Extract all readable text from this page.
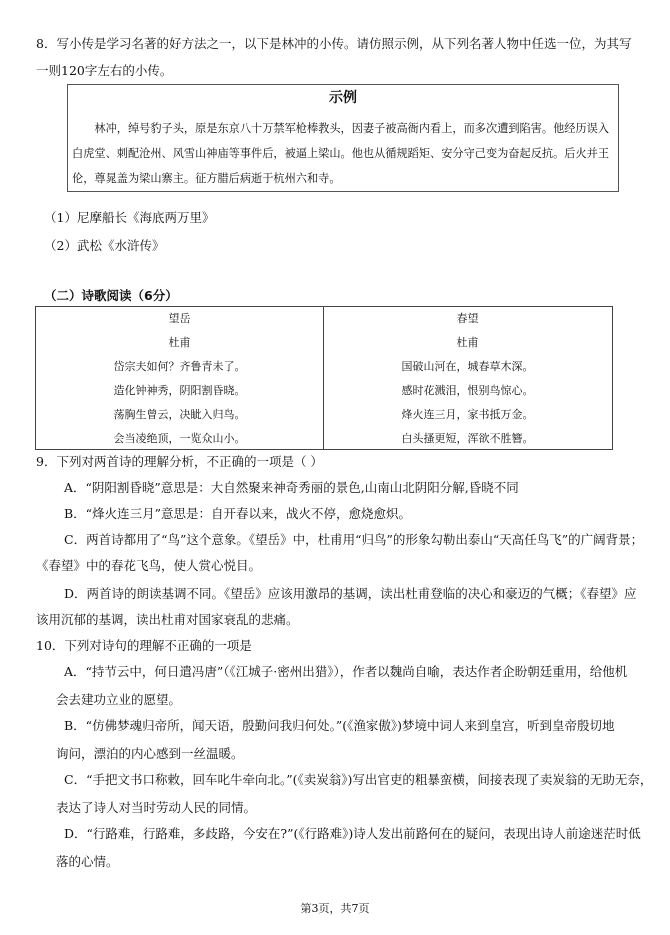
8．写小传是学习名著的好方法之一，以下是林冲的小传。请仿照示例，从下列名著人物中任选一位，为其写一则120字左右的小传。
示例
林冲，绰号豹子头，原是东京八十万禁军枪棒教头，因妻子被高衙内看上，而多次遭到陷害。他经历误入白虎堂、刺配沧州、风雪山神庙等事件后，被逼上梁山。他也从循规蹈矩、安分守己变为奋起反抗。后火并王伦，尊晁盖为梁山寨主。征方腊后病逝于杭州六和寺。
（1）尼摩船长《海底两万里》
（2）武松《水浒传》
（二）诗歌阅读（6分）
望岳
杜甫
岱宗夫如何？齐鲁青未了。
造化钟神秀，阴阳割昏晓。
荡胸生曾云，决眦入归鸟。
会当凌绝顶，一览众山小。
春望
杜甫
国破山河在，城春草木深。
感时花溅泪，恨别鸟惊心。
烽火连三月，家书抵万金。
白头搔更短，浑欲不胜簪。
9．下列对两首诗的理解分析，不正确的一项是（ ）
A．“阴阳割昏晓”意思是：大自然聚来神奇秀丽的景色,山南山北阴阳分解,昏晓不同
B．“烽火连三月”意思是：自开春以来，战火不停，愈烧愈炽。
C．两首诗都用了“鸟”这个意象。《望岳》中，杜甫用“归鸟”的形象勾勒出泰山“天高任鸟飞”的广阔背景；
《春望》中的春花飞鸟，使人赏心悦目。
D．两首诗的朗读基调不同。《望岳》应该用激昂的基调，读出杜甫登临的决心和豪迈的气概；《春望》应
该用沉郁的基调，读出杜甫对国家衰乱的悲痛。
10．下列对诗句的理解不正确的一项是
A．“持节云中，何日遣冯唐”（《江城子·密州出猎》），作者以魏尚自喻，表达作者企盼朝廷重用，给他机
会去建功立业的愿望。
B．“仿佛梦魂归帝所，闻天语，殷勤问我归何处。”(《渔家傲》)梦境中词人来到皇宫，听到皇帝殷切地
询问，漂泊的内心感到一丝温暖。
C．“手把文书口称敕，回车叱牛牵向北。”(《卖炭翁》)写出官吏的粗暴蛮横，间接表现了卖炭翁的无助无奈，
表达了诗人对当时劳动人民的同情。
D．“行路难，行路难，多歧路，今安在?”(《行路难》)诗人发出前路何在的疑问，表现出诗人前途迷茫时低
落的心情。
第3页，共7页
